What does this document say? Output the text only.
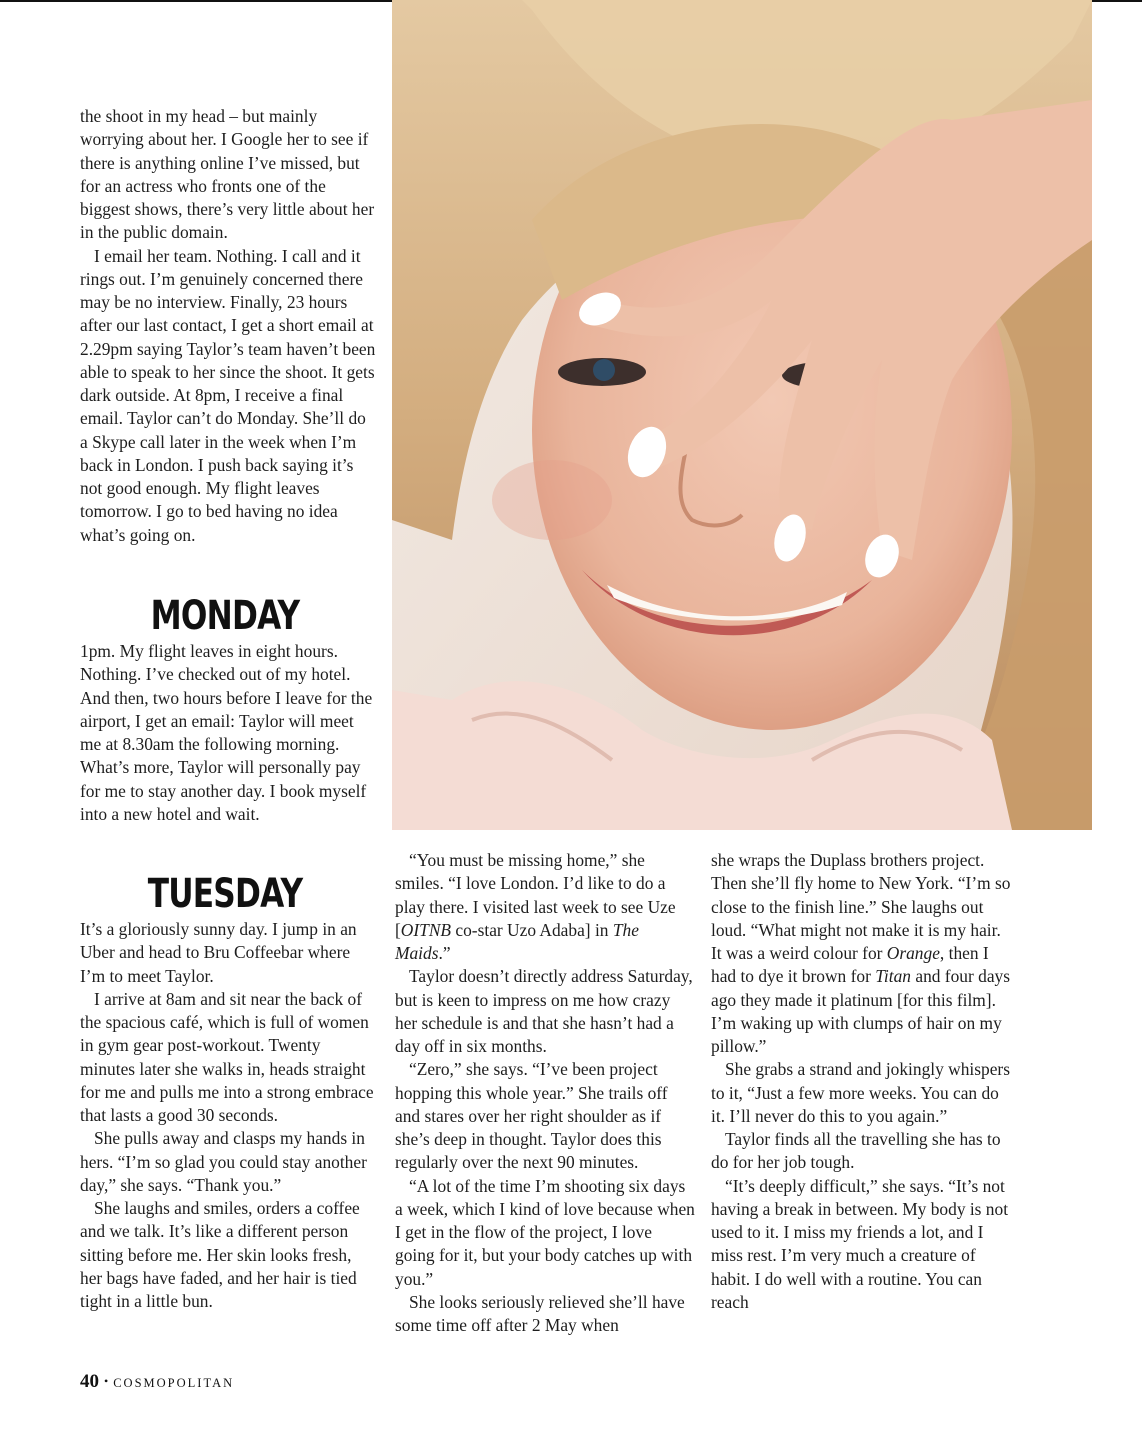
the shoot in my head – but mainly worrying about her. I Google her to see if there is anything online I’ve missed, but for an actress who fronts one of the biggest shows, there’s very little about her in the public domain.

I email her team. Nothing. I call and it rings out. I’m genuinely concerned there may be no interview. Finally, 23 hours after our last contact, I get a short email at 2.29pm saying Taylor’s team haven’t been able to speak to her since the shoot. It gets dark outside. At 8pm, I receive a final email. Taylor can’t do Monday. She’ll do a Skype call later in the week when I’m back in London. I push back saying it’s not good enough. My flight leaves tomorrow. I go to bed having no idea what’s going on.

MONDAY

1pm. My flight leaves in eight hours. Nothing. I’ve checked out of my hotel. And then, two hours before I leave for the airport, I get an email: Taylor will meet me at 8.30am the following morning. What’s more, Taylor will personally pay for me to stay another day. I book myself into a new hotel and wait.

TUESDAY

It’s a gloriously sunny day. I jump in an Uber and head to Bru Coffeebar where I’m to meet Taylor.

I arrive at 8am and sit near the back of the spacious café, which is full of women in gym gear post-workout. Twenty minutes later she walks in, heads straight for me and pulls me into a strong embrace that lasts a good 30 seconds.

She pulls away and clasps my hands in hers. “I’m so glad you could stay another day,” she says. “Thank you.”

She laughs and smiles, orders a coffee and we talk. It’s like a different person sitting before me. Her skin looks fresh, her bags have faded, and her hair is tied tight in a little bun.

“You must be missing home,” she smiles. “I love London. I’d like to do a play there. I visited last week to see Uze [OITNB co-star Uzo Adaba] in The Maids.”

Taylor doesn’t directly address Saturday, but is keen to impress on me how crazy her schedule is and that she hasn’t had a day off in six months.

“Zero,” she says. “I’ve been project hopping this whole year.” She trails off and stares over her right shoulder as if she’s deep in thought. Taylor does this regularly over the next 90 minutes.

“A lot of the time I’m shooting six days a week, which I kind of love because when I get in the flow of the project, I love going for it, but your body catches up with you.”

She looks seriously relieved she’ll have some time off after 2 May when

she wraps the Duplass brothers project. Then she’ll fly home to New York. “I’m so close to the finish line.” She laughs out loud. “What might not make it is my hair. It was a weird colour for Orange, then I had to dye it brown for Titan and four days ago they made it platinum [for this film]. I’m waking up with clumps of hair on my pillow.”

She grabs a strand and jokingly whispers to it, “Just a few more weeks. You can do it. I’ll never do this to you again.”

Taylor finds all the travelling she has to do for her job tough.

“It’s deeply difficult,” she says. “It’s not having a break in between. My body is not used to it. I miss my friends a lot, and I miss rest. I’m very much a creature of habit. I do well with a routine. You can reach

40 • COSMOPOLITAN
